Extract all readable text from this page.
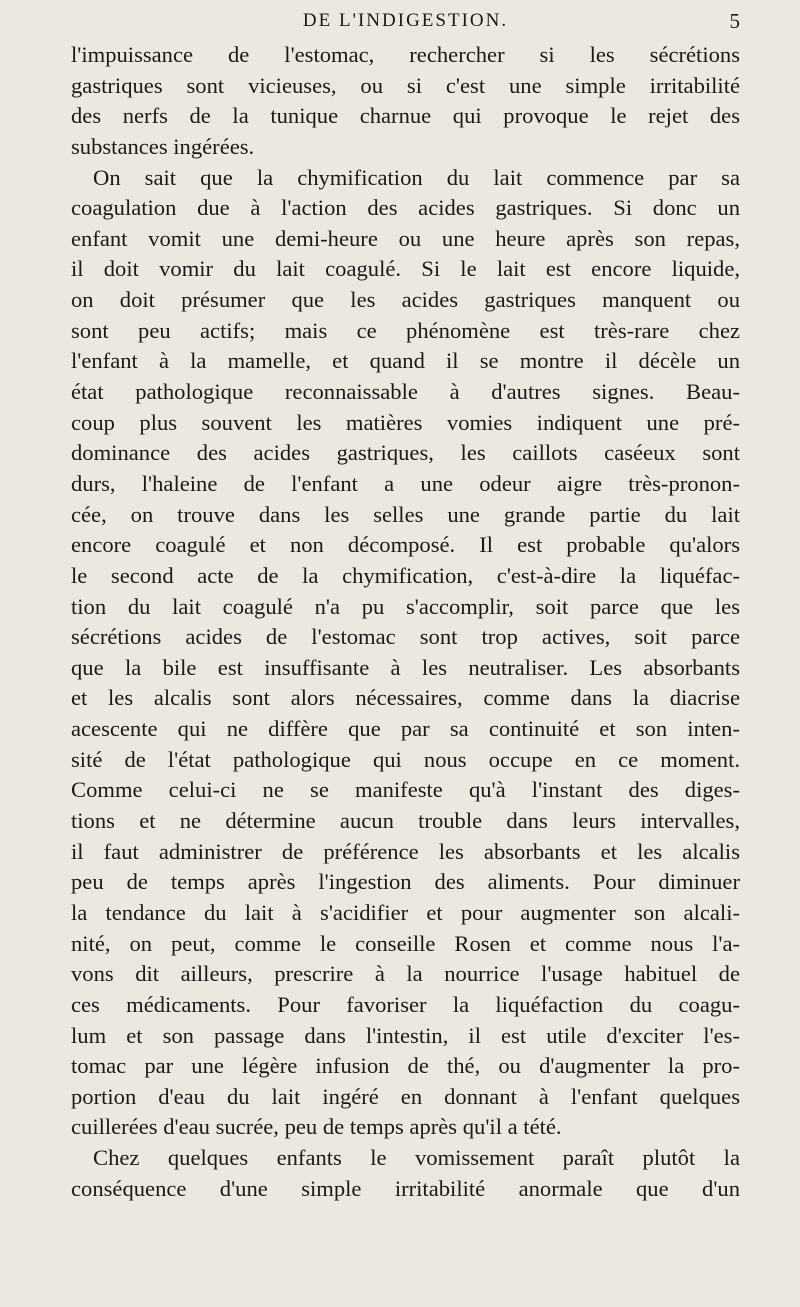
DE L'INDIGESTION.	5
l'impuissance de l'estomac, rechercher si les sécrétions
gastriques sont vicieuses, ou si c'est une simple irritabilité
des nerfs de la tunique charnue qui provoque le rejet des
substances ingérées.
On sait que la chymification du lait commence par sa
coagulation due à l'action des acides gastriques. Si donc un
enfant vomit une demi-heure ou une heure après son repas,
il doit vomir du lait coagulé. Si le lait est encore liquide,
on doit présumer que les acides gastriques manquent ou
sont peu actifs; mais ce phénomène est très-rare chez
l'enfant à la mamelle, et quand il se montre il décèle un
état pathologique reconnaissable à d'autres signes. Beau-
coup plus souvent les matières vomies indiquent une pré-
dominance des acides gastriques, les caillots caséeux sont
durs, l'haleine de l'enfant a une odeur aigre très-pronon-
cée, on trouve dans les selles une grande partie du lait
encore coagulé et non décomposé. Il est probable qu'alors
le second acte de la chymification, c'est-à-dire la liquéfac-
tion du lait coagulé n'a pu s'accomplir, soit parce que les
sécrétions acides de l'estomac sont trop actives, soit parce
que la bile est insuffisante à les neutraliser. Les absorbants
et les alcalis sont alors nécessaires, comme dans la diacrise
acescente qui ne diffère que par sa continuité et son inten-
sité de l'état pathologique qui nous occupe en ce moment.
Comme celui-ci ne se manifeste qu'à l'instant des diges-
tions et ne détermine aucun trouble dans leurs intervalles,
il faut administrer de préférence les absorbants et les alcalis
peu de temps après l'ingestion des aliments. Pour diminuer
la tendance du lait à s'acidifier et pour augmenter son alcali-
nité, on peut, comme le conseille Rosen et comme nous l'a-
vons dit ailleurs, prescrire à la nourrice l'usage habituel de
ces médicaments. Pour favoriser la liquéfaction du coagu-
lum et son passage dans l'intestin, il est utile d'exciter l'es-
tomac par une légère infusion de thé, ou d'augmenter la pro-
portion d'eau du lait ingéré en donnant à l'enfant quelques
cuillerées d'eau sucrée, peu de temps après qu'il a tété.
Chez quelques enfants le vomissement paraît plutôt la
conséquence d'une simple irritabilité anormale que d'un
